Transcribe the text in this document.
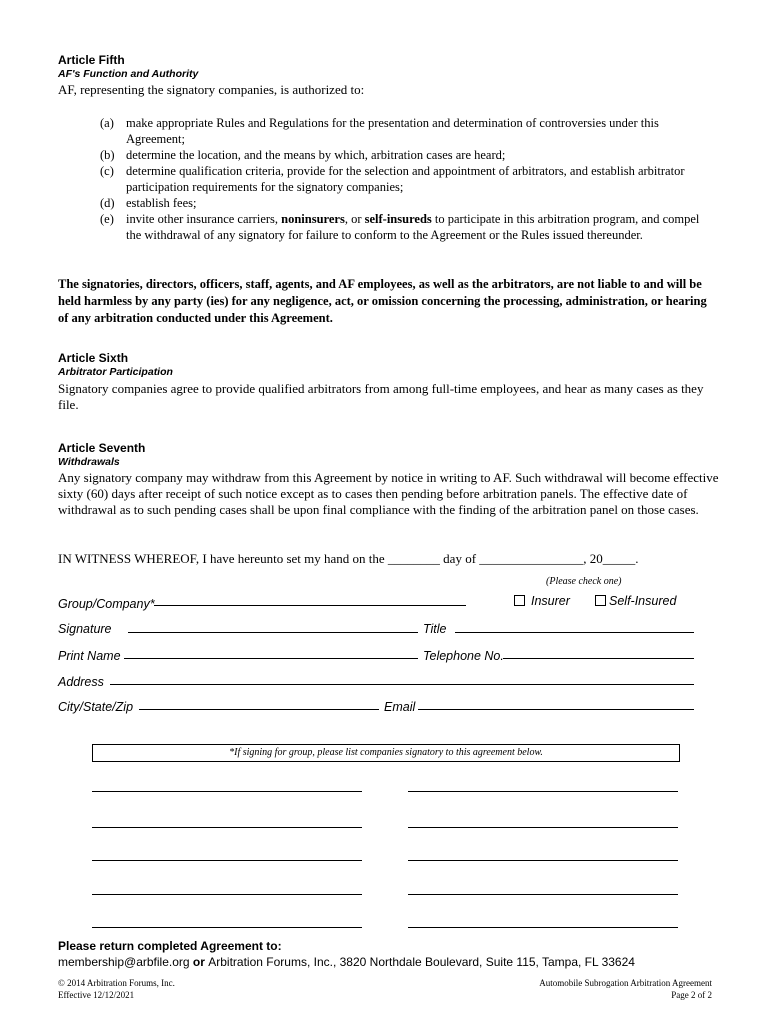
Article Fifth
AF's Function and Authority
AF, representing the signatory companies, is authorized to:
(a) make appropriate Rules and Regulations for the presentation and determination of controversies under this Agreement;
(b) determine the location, and the means by which, arbitration cases are heard;
(c) determine qualification criteria, provide for the selection and appointment of arbitrators, and establish arbitrator participation requirements for the signatory companies;
(d) establish fees;
(e) invite other insurance carriers, noninsurers, or self-insureds to participate in this arbitration program, and compel the withdrawal of any signatory for failure to conform to the Agreement or the Rules issued thereunder.
The signatories, directors, officers, staff, agents, and AF employees, as well as the arbitrators, are not liable to and will be held harmless by any party (ies) for any negligence, act, or omission concerning the processing, administration, or hearing of any arbitration conducted under this Agreement.
Article Sixth
Arbitrator Participation
Signatory companies agree to provide qualified arbitrators from among full-time employees, and hear as many cases as they file.
Article Seventh
Withdrawals
Any signatory company may withdraw from this Agreement by notice in writing to AF. Such withdrawal will become effective sixty (60) days after receipt of such notice except as to cases then pending before arbitration panels. The effective date of withdrawal as to such pending cases shall be upon final compliance with the finding of the arbitration panel on those cases.
IN WITNESS WHEREOF, I have hereunto set my hand on the ________ day of ________________, 20_____.
(Please check one)
Group/Company*	Insurer	Self-Insured
Signature	Title
Print Name	Telephone No.
Address
City/State/Zip	Email
*If signing for group, please list companies signatory to this agreement below.
Please return completed Agreement to:
membership@arbfile.org or Arbitration Forums, Inc., 3820 Northdale Boulevard, Suite 115, Tampa, FL 33624
© 2014 Arbitration Forums, Inc.
Effective 12/12/2021
Automobile Subrogation Arbitration Agreement
Page 2 of 2
